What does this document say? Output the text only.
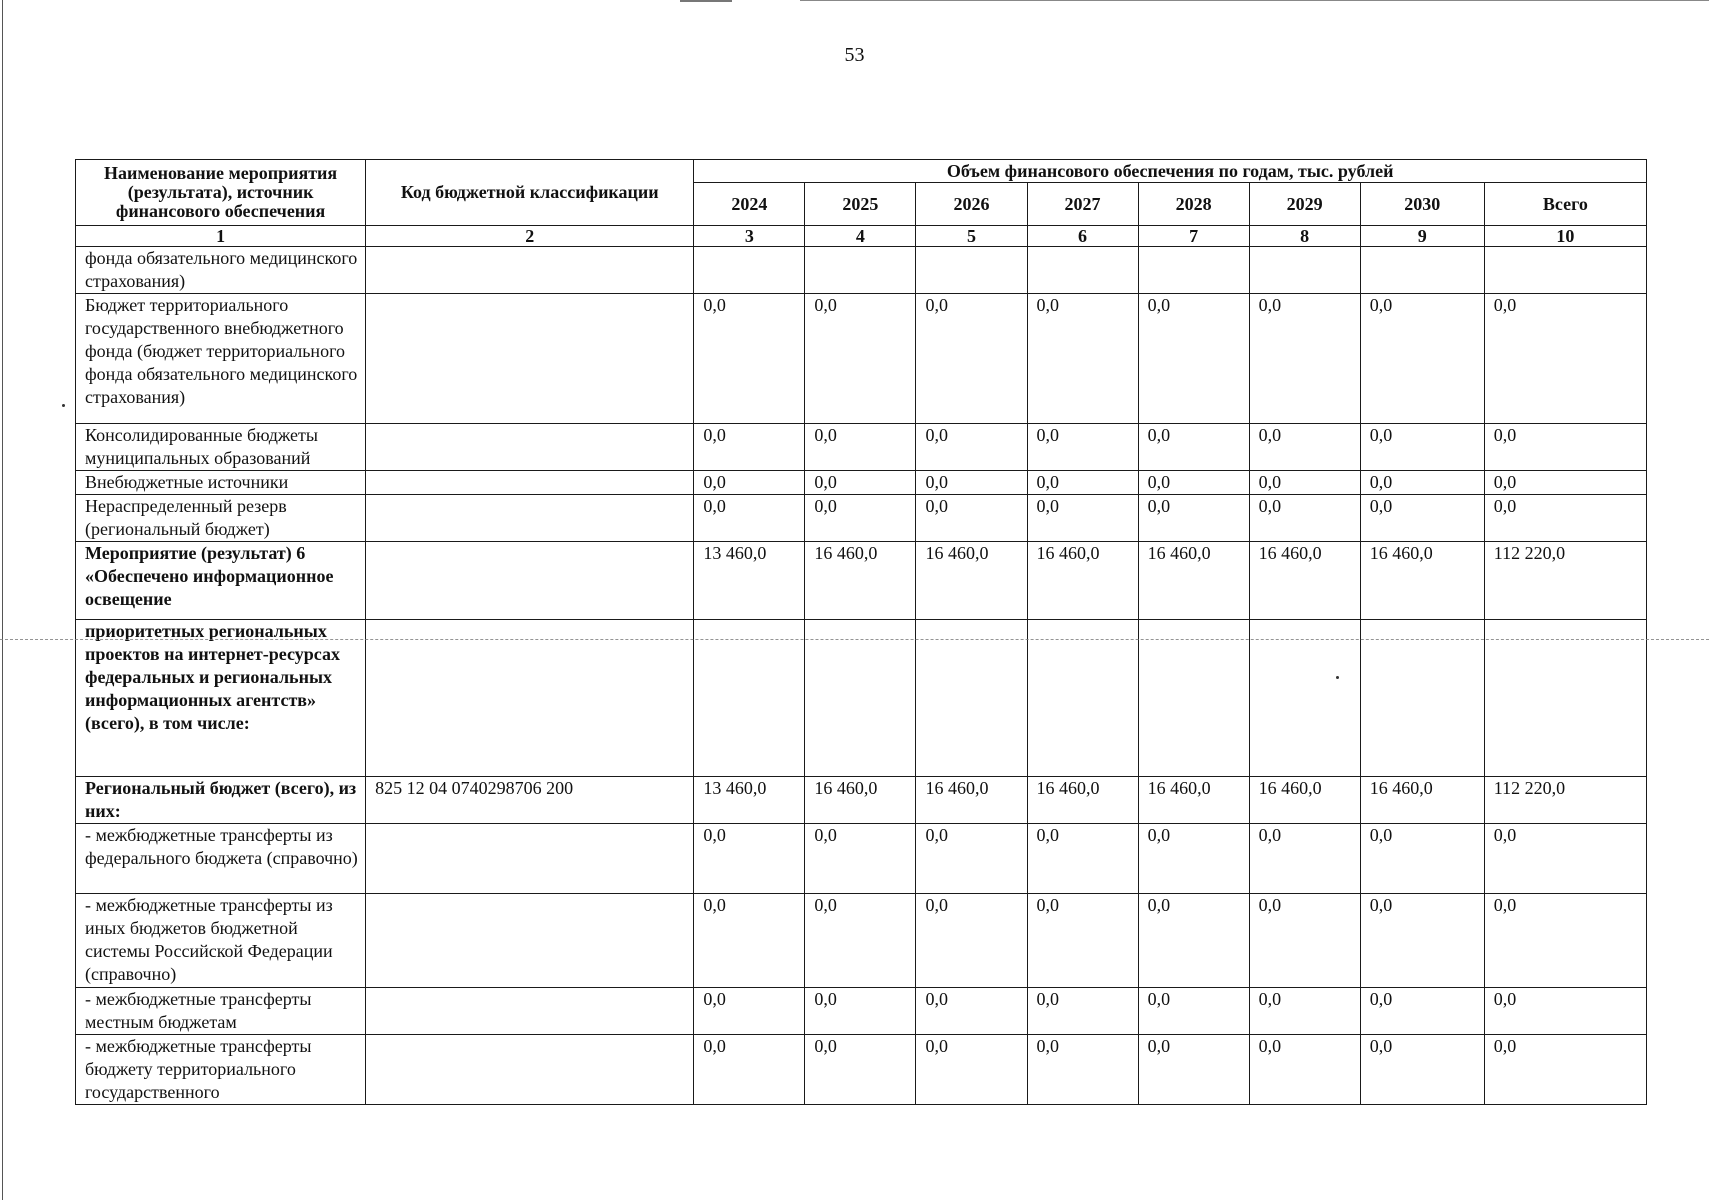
53
Наименование мероприятия (результата), источник финансового обеспечения	Код бюджетной классификации	Объем финансового обеспечения по годам, тыс. рублей							
		2024	2025	2026	2027	2028	2029	2030	Всего
1	2	3	4	5	6	7	8	9	10
фонда обязательного медицинского страхования)									
Бюджет территориального государственного внебюджетного фонда (бюджет территориального фонда обязательного медицинского страхования)		0,0	0,0	0,0	0,0	0,0	0,0	0,0	0,0
Консолидированные бюджеты муниципальных образований		0,0	0,0	0,0	0,0	0,0	0,0	0,0	0,0
Внебюджетные источники		0,0	0,0	0,0	0,0	0,0	0,0	0,0	0,0
Нераспределенный резерв (региональный бюджет)		0,0	0,0	0,0	0,0	0,0	0,0	0,0	0,0
Мероприятие (результат) 6 «Обеспечено информационное освещение		13 460,0	16 460,0	16 460,0	16 460,0	16 460,0	16 460,0	16 460,0	112 220,0
приоритетных региональных проектов на интернет-ресурсах федеральных и региональных информационных агентств» (всего), в том числе:									
Региональный бюджет (всего), из них:	825 12 04 0740298706 200	13 460,0	16 460,0	16 460,0	16 460,0	16 460,0	16 460,0	16 460,0	112 220,0
- межбюджетные трансферты из федерального бюджета (справочно)		0,0	0,0	0,0	0,0	0,0	0,0	0,0	0,0
- межбюджетные трансферты из иных бюджетов бюджетной системы Российской Федерации (справочно)		0,0	0,0	0,0	0,0	0,0	0,0	0,0	0,0
- межбюджетные трансферты местным бюджетам		0,0	0,0	0,0	0,0	0,0	0,0	0,0	0,0
- межбюджетные трансферты бюджету территориального государственного		0,0	0,0	0,0	0,0	0,0	0,0	0,0	0,0
